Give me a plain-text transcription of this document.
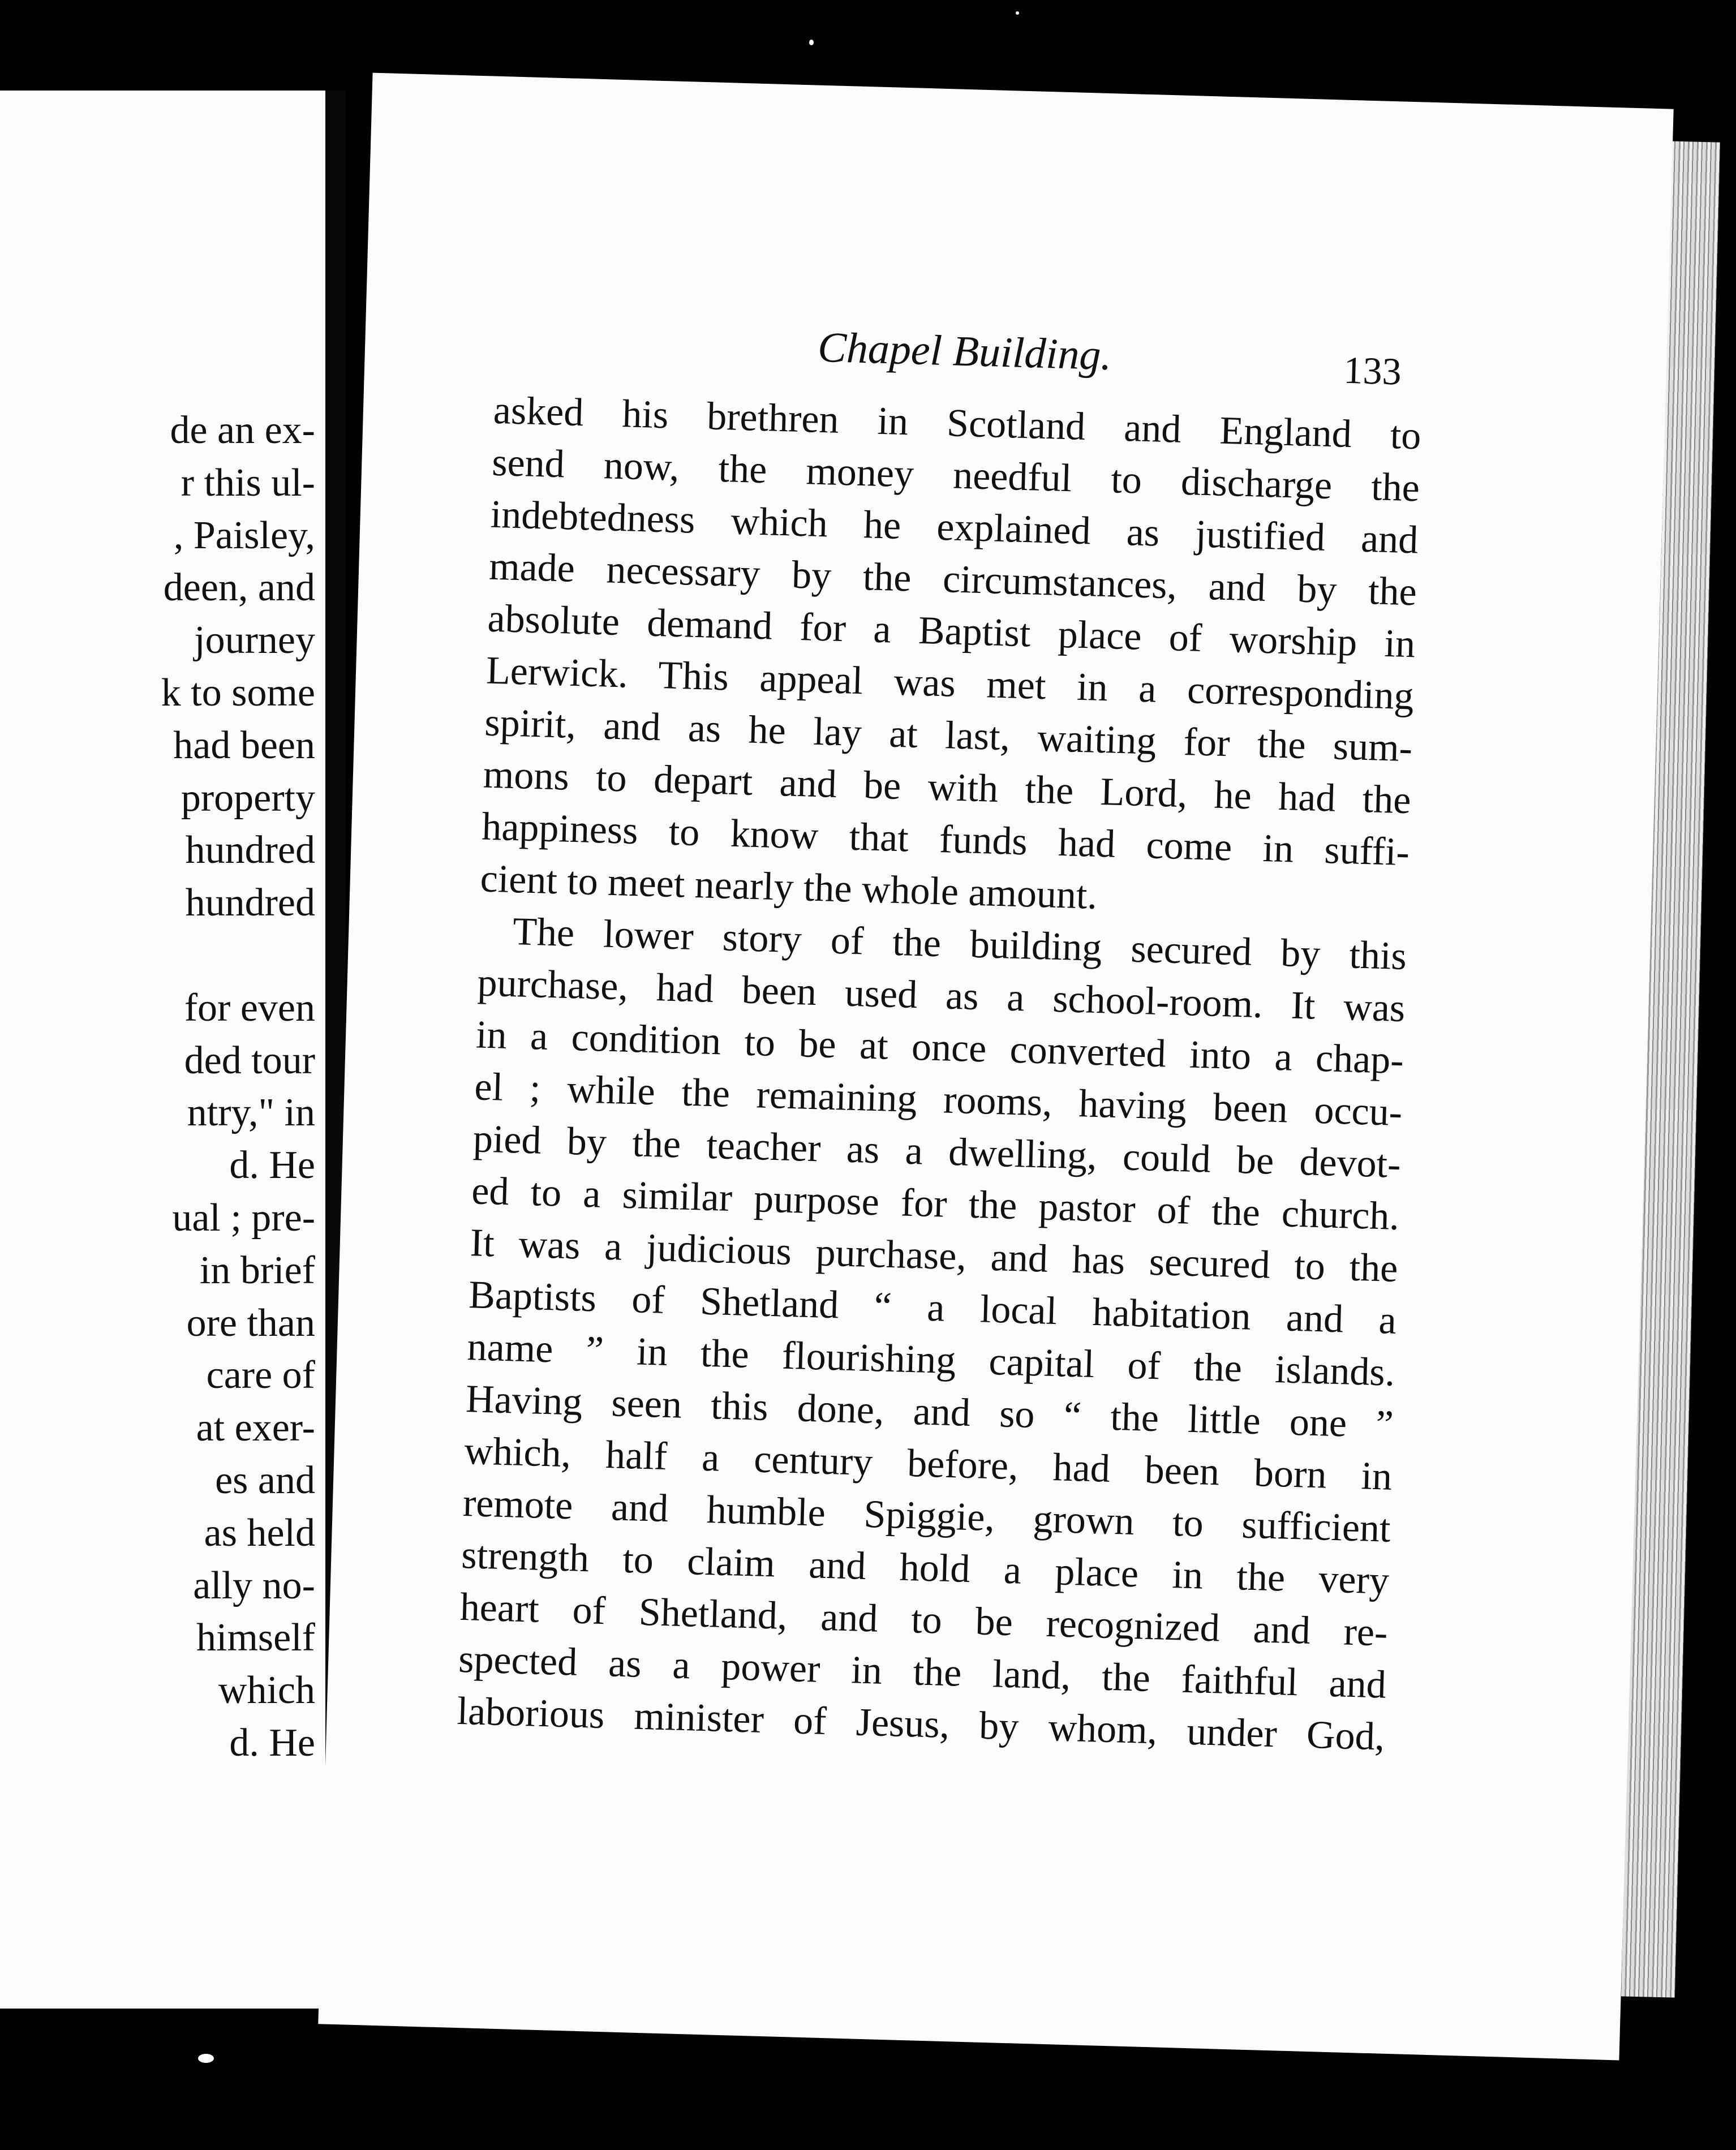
de an ex-
r this ul-
, Paisley,
deen, and
journey
k to some
had been
property
hundred
hundred
for even
ded tour
ntry," in
d. He
ual ; pre-
in brief
ore than
care of
at exer-
es and
as held
ally no-
himself
which
d. He
Chapel Building.	133
asked his brethren in Scotland and England to
send now, the money needful to discharge the
indebtedness which he explained as justified and
made necessary by the circumstances, and by the
absolute demand for a Baptist place of worship in
Lerwick. This appeal was met in a corresponding
spirit, and as he lay at last, waiting for the sum-
mons to depart and be with the Lord, he had the
happiness to know that funds had come in suffi-
cient to meet nearly the whole amount.
The lower story of the building secured by this
purchase, had been used as a school-room. It was
in a condition to be at once converted into a chap-
el ; while the remaining rooms, having been occu-
pied by the teacher as a dwelling, could be devot-
ed to a similar purpose for the pastor of the church.
It was a judicious purchase, and has secured to the
Baptists of Shetland “ a local habitation and a
name ” in the flourishing capital of the islands.
Having seen this done, and so “ the little one ”
which, half a century before, had been born in
remote and humble Spiggie, grown to sufficient
strength to claim and hold a place in the very
heart of Shetland, and to be recognized and re-
spected as a power in the land, the faithful and
laborious minister of Jesus, by whom, under God,
